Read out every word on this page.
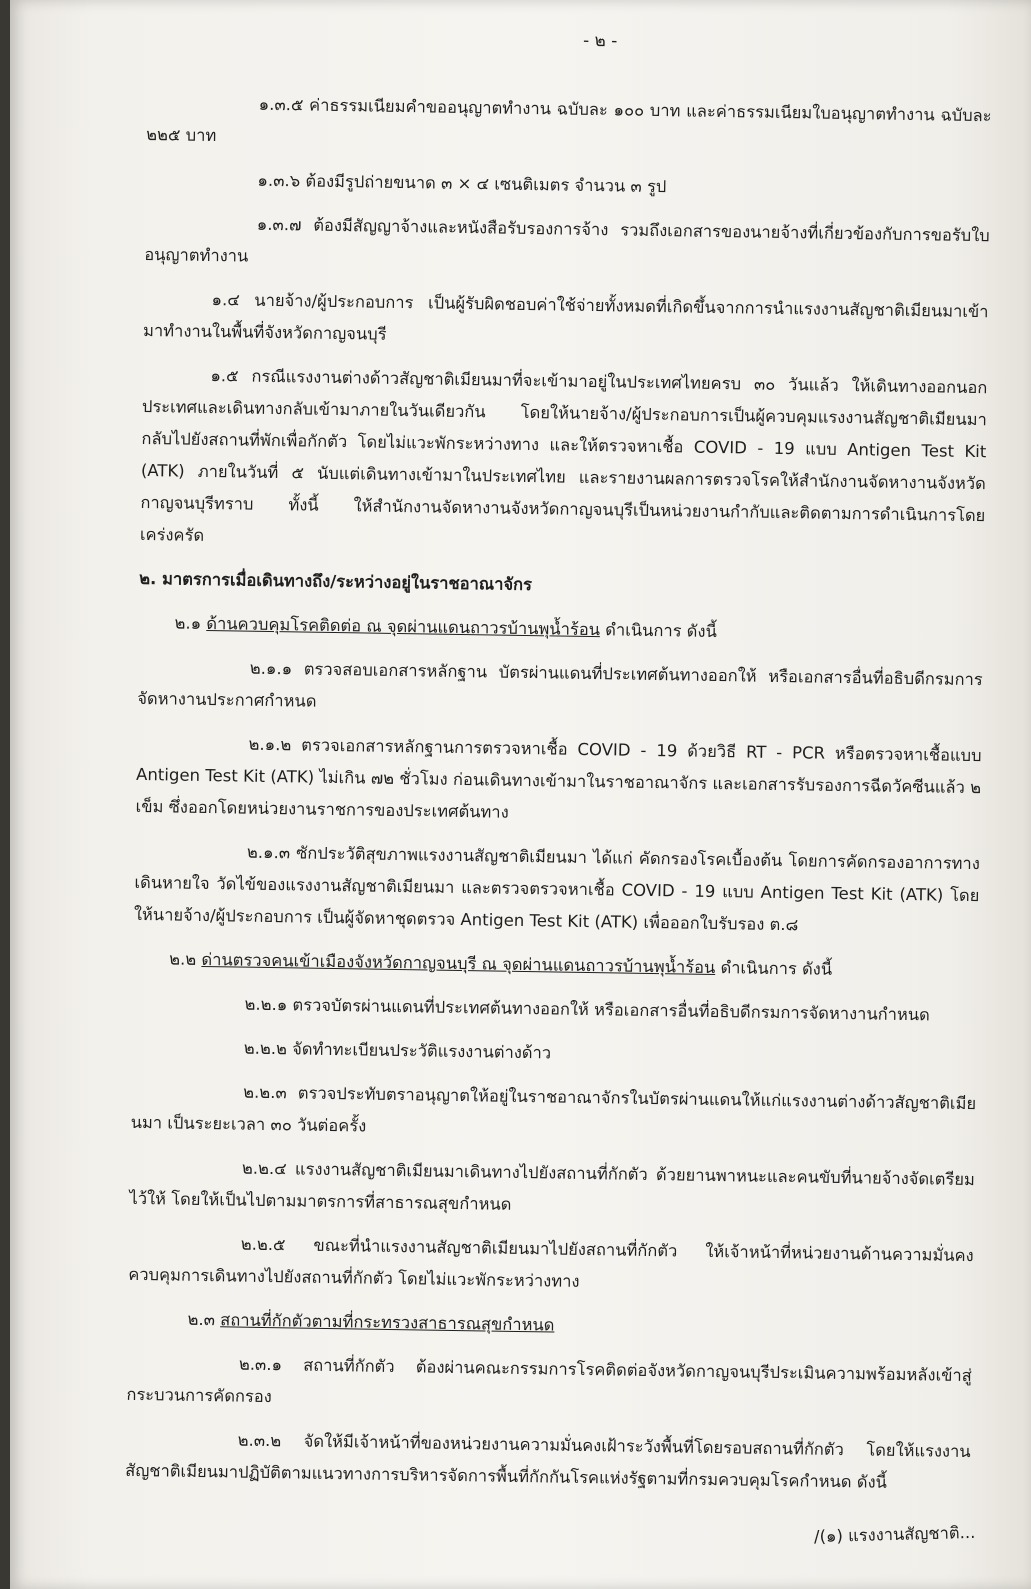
- ๒ -

๑.๓.๕ ค่าธรรมเนียมคำขออนุญาตทำงาน ฉบับละ ๑๐๐ บาท และค่าธรรมเนียมใบอนุญาตทำงาน ฉบับละ ๒๒๕ บาท

๑.๓.๖ ต้องมีรูปถ่ายขนาด ๓ × ๔ เซนติเมตร จำนวน ๓ รูป

๑.๓.๗ ต้องมีสัญญาจ้างและหนังสือรับรองการจ้าง รวมถึงเอกสารของนายจ้างที่เกี่ยวข้องกับการขอรับใบอนุญาตทำงาน

๑.๔ นายจ้าง/ผู้ประกอบการ เป็นผู้รับผิดชอบค่าใช้จ่ายทั้งหมดที่เกิดขึ้นจากการนำแรงงานสัญชาติเมียนมาเข้ามาทำงานในพื้นที่จังหวัดกาญจนบุรี

๑.๕ กรณีแรงงานต่างด้าวสัญชาติเมียนมาที่จะเข้ามาอยู่ในประเทศไทยครบ ๓๐ วันแล้ว ให้เดินทางออกนอกประเทศและเดินทางกลับเข้ามาภายในวันเดียวกัน โดยให้นายจ้าง/ผู้ประกอบการเป็นผู้ควบคุมแรงงานสัญชาติเมียนมากลับไปยังสถานที่พักเพื่อกักตัว โดยไม่แวะพักระหว่างทาง และให้ตรวจหาเชื้อ COVID - 19 แบบ Antigen Test Kit (ATK) ภายในวันที่ ๕ นับแต่เดินทางเข้ามาในประเทศไทย และรายงานผลการตรวจโรคให้สำนักงานจัดหางานจังหวัดกาญจนบุรีทราบ ทั้งนี้ ให้สำนักงานจัดหางานจังหวัดกาญจนบุรีเป็นหน่วยงานกำกับและติดตามการดำเนินการโดยเคร่งครัด

๒. มาตรการเมื่อเดินทางถึง/ระหว่างอยู่ในราชอาณาจักร

๒.๑ ด้านควบคุมโรคติดต่อ ณ จุดผ่านแดนถาวรบ้านพุน้ำร้อน ดำเนินการ ดังนี้

๒.๑.๑ ตรวจสอบเอกสารหลักฐาน บัตรผ่านแดนที่ประเทศต้นทางออกให้ หรือเอกสารอื่นที่อธิบดีกรมการจัดหางานประกาศกำหนด

๒.๑.๒ ตรวจเอกสารหลักฐานการตรวจหาเชื้อ COVID - 19 ด้วยวิธี RT - PCR หรือตรวจหาเชื้อแบบ Antigen Test Kit (ATK) ไม่เกิน ๗๒ ชั่วโมง ก่อนเดินทางเข้ามาในราชอาณาจักร และเอกสารรับรองการฉีดวัคซีนแล้ว ๒ เข็ม ซึ่งออกโดยหน่วยงานราชการของประเทศต้นทาง

๒.๑.๓ ซักประวัติสุขภาพแรงงานสัญชาติเมียนมา ได้แก่ คัดกรองโรคเบื้องต้น โดยการคัดกรองอาการทางเดินหายใจ วัดไข้ของแรงงานสัญชาติเมียนมา และตรวจตรวจหาเชื้อ COVID - 19 แบบ Antigen Test Kit (ATK) โดยให้นายจ้าง/ผู้ประกอบการ เป็นผู้จัดหาชุดตรวจ Antigen Test Kit (ATK) เพื่อออกใบรับรอง ต.๘

๒.๒ ด่านตรวจคนเข้าเมืองจังหวัดกาญจนบุรี ณ จุดผ่านแดนถาวรบ้านพุน้ำร้อน ดำเนินการ ดังนี้

๒.๒.๑ ตรวจบัตรผ่านแดนที่ประเทศต้นทางออกให้ หรือเอกสารอื่นที่อธิบดีกรมการจัดหางานกำหนด

๒.๒.๒ จัดทำทะเบียนประวัติแรงงานต่างด้าว

๒.๒.๓ ตรวจประทับตราอนุญาตให้อยู่ในราชอาณาจักรในบัตรผ่านแดนให้แก่แรงงานต่างด้าวสัญชาติเมียนมา เป็นระยะเวลา ๓๐ วันต่อครั้ง

๒.๒.๔ แรงงานสัญชาติเมียนมาเดินทางไปยังสถานที่กักตัว ด้วยยานพาหนะและคนขับที่นายจ้างจัดเตรียมไว้ให้ โดยให้เป็นไปตามมาตรการที่สาธารณสุขกำหนด

๒.๒.๕ ขณะที่นำแรงงานสัญชาติเมียนมาไปยังสถานที่กักตัว ให้เจ้าหน้าที่หน่วยงานด้านความมั่นคงควบคุมการเดินทางไปยังสถานที่กักตัว โดยไม่แวะพักระหว่างทาง

๒.๓ สถานที่กักตัวตามที่กระทรวงสาธารณสุขกำหนด

๒.๓.๑ สถานที่กักตัว ต้องผ่านคณะกรรมการโรคติดต่อจังหวัดกาญจนบุรีประเมินความพร้อมหลังเข้าสู่กระบวนการคัดกรอง

๒.๓.๒ จัดให้มีเจ้าหน้าที่ของหน่วยงานความมั่นคงเฝ้าระวังพื้นที่โดยรอบสถานที่กักตัว โดยให้แรงงานสัญชาติเมียนมาปฏิบัติตามแนวทางการบริหารจัดการพื้นที่กักกันโรคแห่งรัฐตามที่กรมควบคุมโรคกำหนด ดังนี้

/(๑) แรงงานสัญชาติ...
